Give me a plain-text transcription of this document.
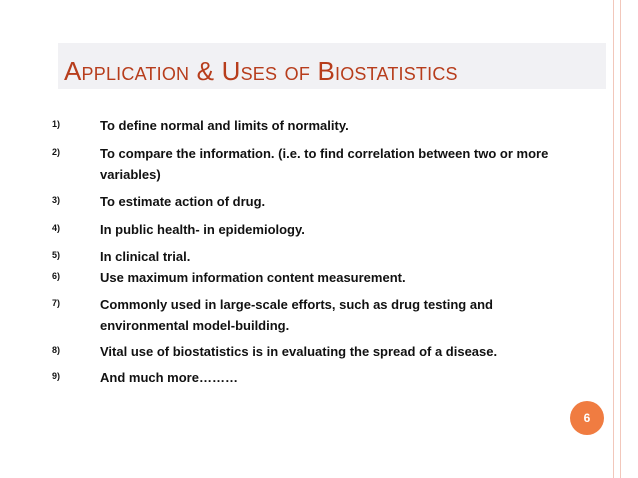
Application & Uses of Biostatistics
1)	To define normal and limits of normality.
2)	To compare the information. (i.e. to find correlation between two or more variables)
3)	To estimate action of drug.
4)	In public health- in epidemiology.
5)	In clinical trial.
6)	Use maximum information content measurement.
7)	Commonly used in large-scale efforts, such as drug testing and environmental model-building.
8)	Vital use of biostatistics is in evaluating the spread of a disease.
9)	And much more………
6
